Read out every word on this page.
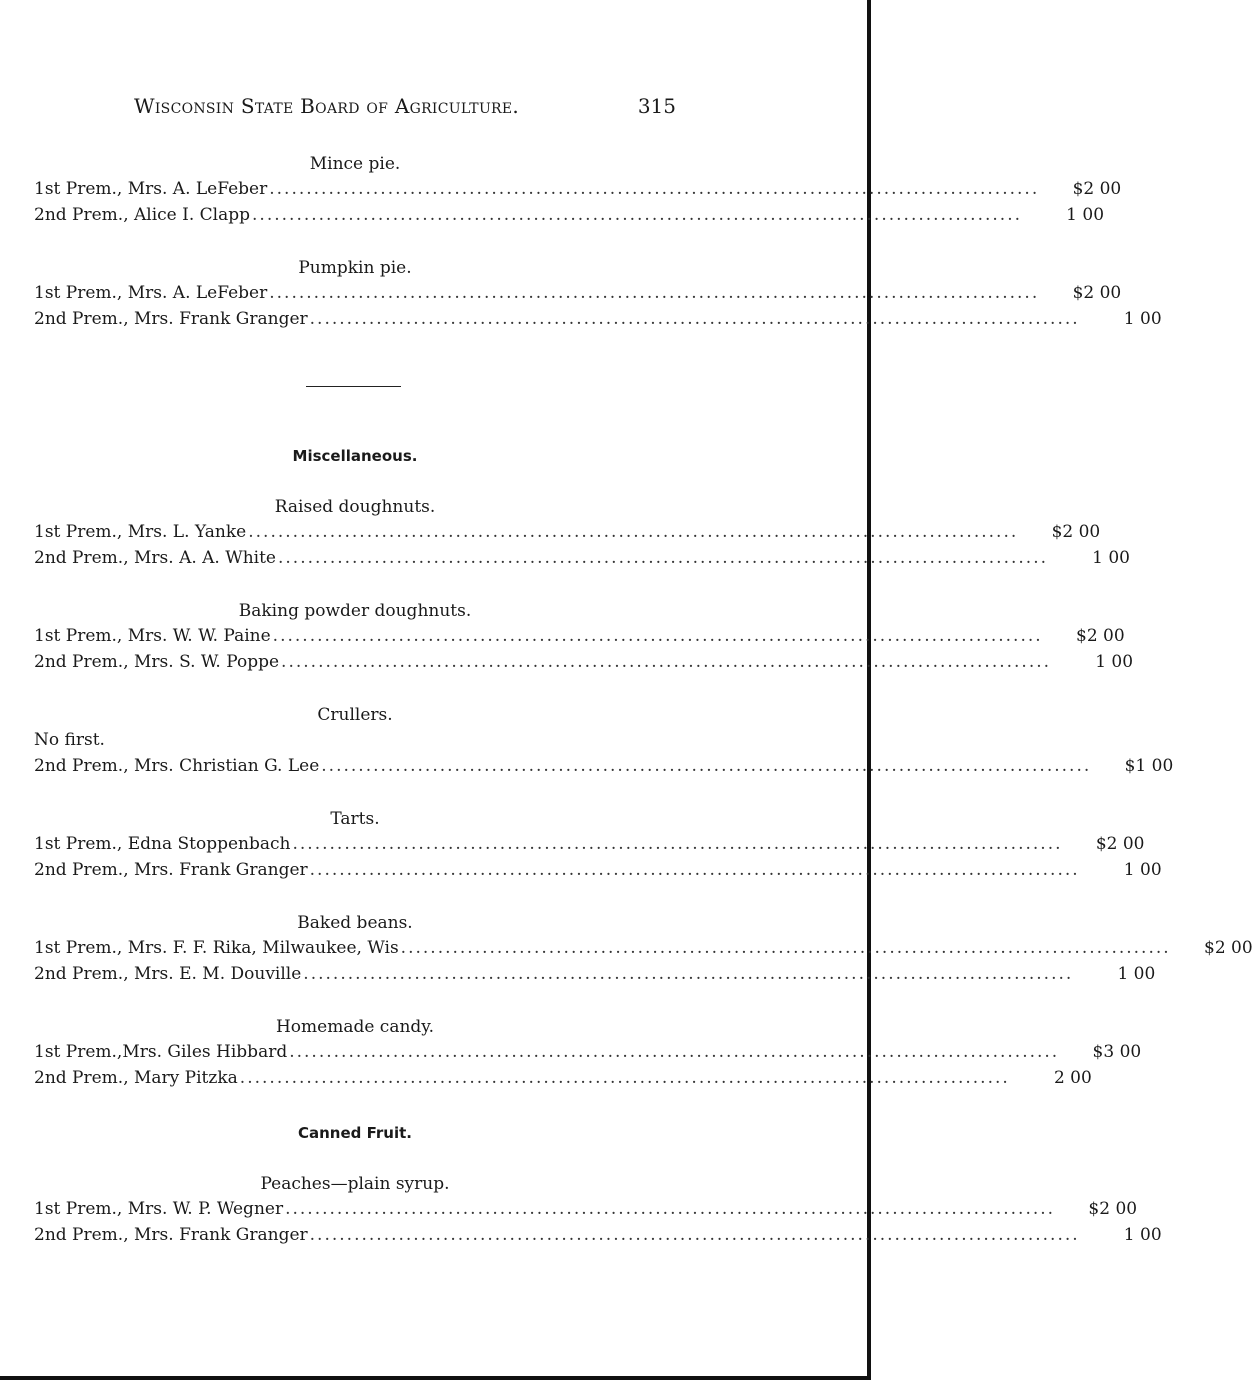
Wisconsin State Board of Agriculture.	315
Mince pie.
1st Prem., Mrs. A. LeFeber ........................................................................................................	$2 00
2nd Prem., Alice I. Clapp ........................................................................................................	1 00
Pumpkin pie.
1st Prem., Mrs. A. LeFeber ........................................................................................................	$2 00
2nd Prem., Mrs. Frank Granger ........................................................................................................	1 00
Miscellaneous.
Raised doughnuts.
1st Prem., Mrs. L. Yanke ........................................................................................................	$2 00
2nd Prem., Mrs. A. A. White ........................................................................................................	1 00
Baking powder doughnuts.
1st Prem., Mrs. W. W. Paine ........................................................................................................	$2 00
2nd Prem., Mrs. S. W. Poppe ........................................................................................................	1 00
Crullers.
No first.
2nd Prem., Mrs. Christian G. Lee ........................................................................................................	$1 00
Tarts.
1st Prem., Edna Stoppenbach ........................................................................................................	$2 00
2nd Prem., Mrs. Frank Granger ........................................................................................................	1 00
Baked beans.
1st Prem., Mrs. F. F. Rika, Milwaukee, Wis ........................................................................................................	$2 00
2nd Prem., Mrs. E. M. Douville ........................................................................................................	1 00
Homemade candy.
1st Prem.,Mrs. Giles Hibbard ........................................................................................................	$3 00
2nd Prem., Mary Pitzka ........................................................................................................	2 00
Canned Fruit.
Peaches—plain syrup.
1st Prem., Mrs. W. P. Wegner ........................................................................................................	$2 00
2nd Prem., Mrs. Frank Granger ........................................................................................................	1 00
